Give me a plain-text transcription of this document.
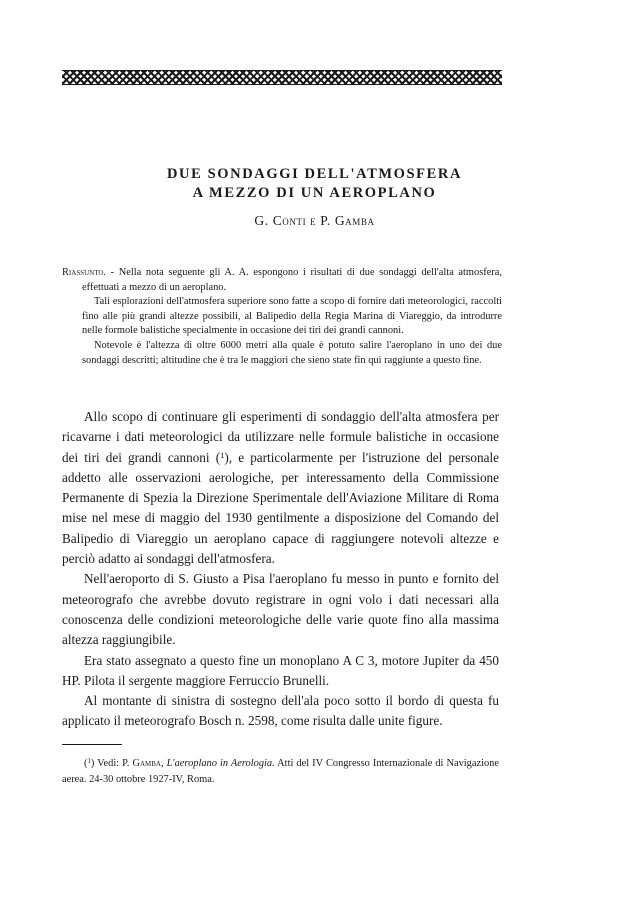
DUE SONDAGGI DELL'ATMOSFERA
A MEZZO DI UN AEROPLANO
G. Conti e P. Gamba

Riassunto. - Nella nota seguente gli A. A. espongono i risultati di due sondaggi dell'alta atmosfera, effettuati a mezzo di un aeroplano.

Tali esplorazioni dell'atmosfera superiore sono fatte a scopo di fornire dati meteorologici, raccolti fino alle più grandi altezze possibili, al Balipedio della Regia Marina di Viareggio, da introdurre nelle formole balistiche specialmente in occasione dei tiri dei grandi cannoni.

Notevole è l'altezza di oltre 6000 metri alla quale è potuto salire l'aeroplano in uno dei due sondaggi descritti; altitudine che è tra le maggiori che sieno state fin qui raggiunte a questo fine.

Allo scopo di continuare gli esperimenti di sondaggio dell'alta atmosfera per ricavarne i dati meteorologici da utilizzare nelle formule balistiche in occasione dei tiri dei grandi cannoni ($^1$), e particolarmente per l'istruzione del personale addetto alle osservazioni aerologiche, per interessamento della Commissione Permanente di Spezia la Direzione Sperimentale dell'Aviazione Militare di Roma mise nel mese di maggio del 1930 gentilmente a disposizione del Comando del Balipedio di Viareggio un aeroplano capace di raggiungere notevoli altezze e perciò adatto ai sondaggi dell'atmosfera.

Nell'aeroporto di S. Giusto a Pisa l'aeroplano fu messo in punto e fornito del meteorografo che avrebbe dovuto registrare in ogni volo i dati necessari alla conoscenza delle condizioni meteorologiche delle varie quote fino alla massima altezza raggiungibile.

Era stato assegnato a questo fine un monoplano A C 3, motore Jupiter da 450 HP. Pilota il sergente maggiore Ferruccio Brunelli.

Al montante di sinistra di sostegno dell'ala poco sotto il bordo di questa fu applicato il meteorografo Bosch n. 2598, come risulta dalle unite figure.

($^1$) Vedi: P. Gamba, L'aeroplano in Aerologia. Atti del IV Congresso Internazionale di Navigazione aerea. 24-30 ottobre 1927-IV, Roma.
